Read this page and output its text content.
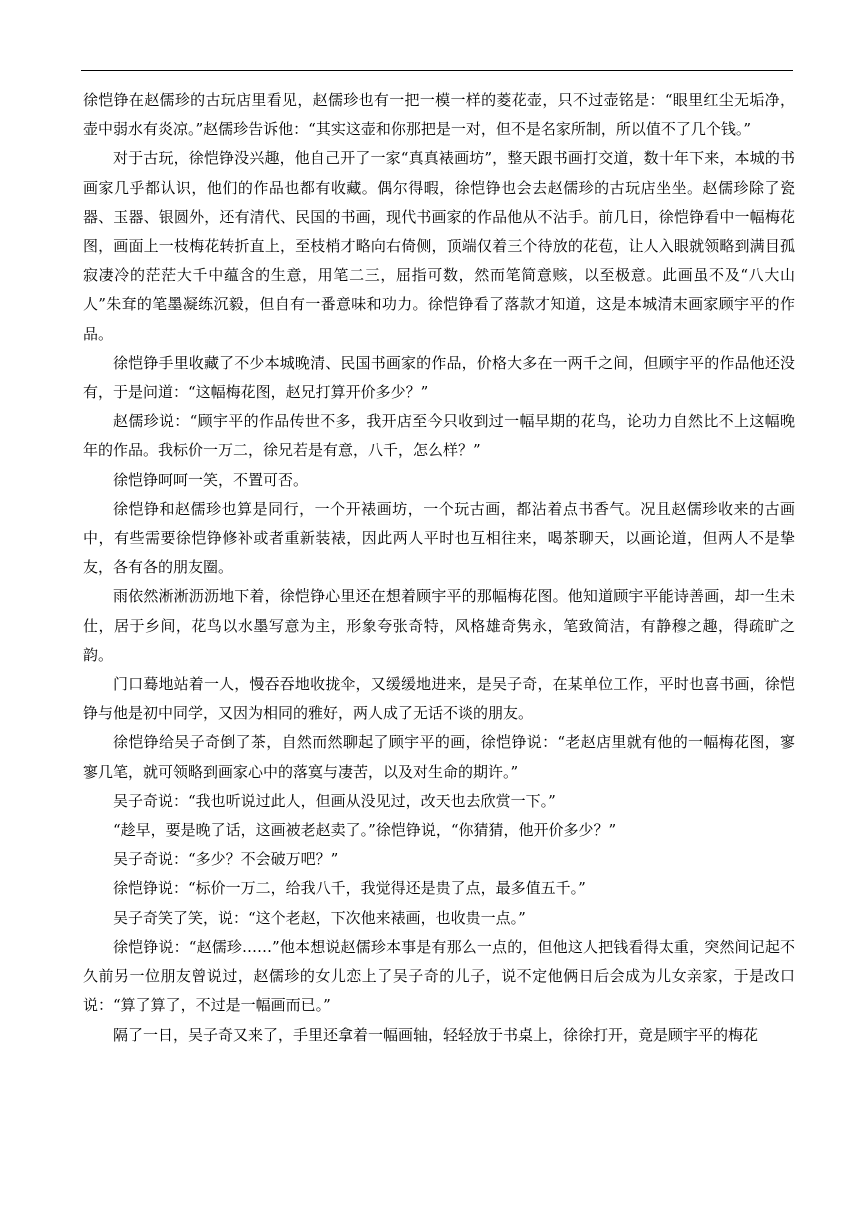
徐恺铮在赵儒珍的古玩店里看见，赵儒珍也有一把一模一样的菱花壶，只不过壶铭是：“眼里红尘无垢净，壶中弱水有炎凉。”赵儒珍告诉他：“其实这壶和你那把是一对，但不是名家所制，所以值不了几个钱。”

对于古玩，徐恺铮没兴趣，他自己开了一家“真真裱画坊”，整天跟书画打交道，数十年下来，本城的书画家几乎都认识，他们的作品也都有收藏。偶尔得暇，徐恺铮也会去赵儒珍的古玩店坐坐。赵儒珍除了瓷器、玉器、银圆外，还有清代、民国的书画，现代书画家的作品他从不沾手。前几日，徐恺铮看中一幅梅花图，画面上一枝梅花转折直上，至枝梢才略向右倚侧，顶端仅着三个待放的花苞，让人入眼就领略到满目孤寂凄冷的茫茫大千中蕴含的生意，用笔二三，屈指可数，然而笔简意赅，以至极意。此画虽不及“八大山人”朱耷的笔墨凝练沉毅，但自有一番意味和功力。徐恺铮看了落款才知道，这是本城清末画家顾宇平的作品。

徐恺铮手里收藏了不少本城晚清、民国书画家的作品，价格大多在一两千之间，但顾宇平的作品他还没有，于是问道：“这幅梅花图，赵兄打算开价多少？”

赵儒珍说：“顾宇平的作品传世不多，我开店至今只收到过一幅早期的花鸟，论功力自然比不上这幅晚年的作品。我标价一万二，徐兄若是有意，八千，怎么样？”

徐恺铮呵呵一笑，不置可否。

徐恺铮和赵儒珍也算是同行，一个开裱画坊，一个玩古画，都沾着点书香气。况且赵儒珍收来的古画中，有些需要徐恺铮修补或者重新装裱，因此两人平时也互相往来，喝茶聊天，以画论道，但两人不是挚友，各有各的朋友圈。

雨依然淅淅沥沥地下着，徐恺铮心里还在想着顾宇平的那幅梅花图。他知道顾宇平能诗善画，却一生未仕，居于乡间，花鸟以水墨写意为主，形象夸张奇特，风格雄奇隽永，笔致简洁，有静穆之趣，得疏旷之韵。

门口蓦地站着一人，慢吞吞地收拢伞，又缓缓地进来，是吴子奇，在某单位工作，平时也喜书画，徐恺铮与他是初中同学，又因为相同的雅好，两人成了无话不谈的朋友。

徐恺铮给吴子奇倒了茶，自然而然聊起了顾宇平的画，徐恺铮说：“老赵店里就有他的一幅梅花图，寥寥几笔，就可领略到画家心中的落寞与凄苦，以及对生命的期许。”

吴子奇说：“我也听说过此人，但画从没见过，改天也去欣赏一下。”

“趁早，要是晚了话，这画被老赵卖了。”徐恺铮说，“你猜猜，他开价多少？”

吴子奇说：“多少？不会破万吧？”

徐恺铮说：“标价一万二，给我八千，我觉得还是贵了点，最多值五千。”

吴子奇笑了笑，说：“这个老赵，下次他来裱画，也收贵一点。”

徐恺铮说：“赵儒珍……”他本想说赵儒珍本事是有那么一点的，但他这人把钱看得太重，突然间记起不久前另一位朋友曾说过，赵儒珍的女儿恋上了吴子奇的儿子，说不定他俩日后会成为儿女亲家，于是改口说：“算了算了，不过是一幅画而已。”

隔了一日，吴子奇又来了，手里还拿着一幅画轴，轻轻放于书桌上，徐徐打开，竟是顾宇平的梅花
